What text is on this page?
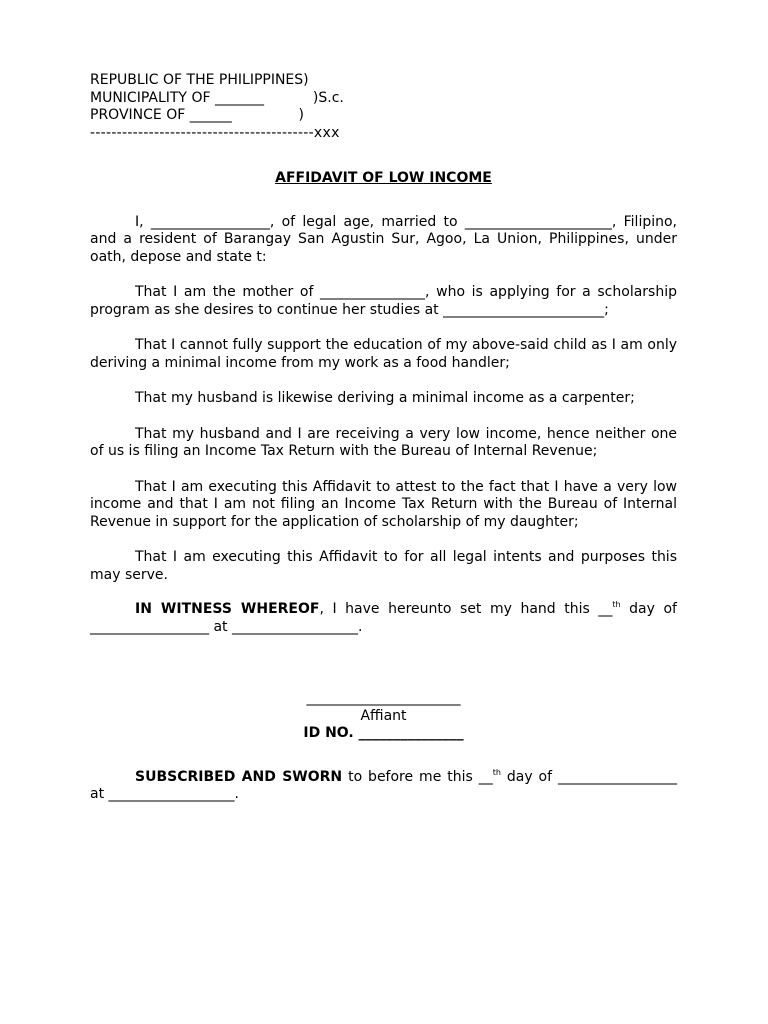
REPUBLIC OF THE PHILIPPINES)
MUNICIPALITY OF _______           )S.c.
PROVINCE OF ______               )
------------------------------------------xxx
AFFIDAVIT OF LOW INCOME

I, _________________, of legal age, married to _____________________, Filipino, and a resident of Barangay San Agustin Sur, Agoo, La Union, Philippines, under oath, depose and state t:

That I am the mother of _______________, who is applying for a scholarship program as she desires to continue her studies at _______________________;

That I cannot fully support the education of my above-said child as I am only deriving a minimal income from my work as a food handler;

That my husband is likewise deriving a minimal income as a carpenter;

That my husband and I are receiving a very low income, hence neither one of us is filing an Income Tax Return with the Bureau of Internal Revenue;

That I am executing this Affidavit to attest to the fact that I have a very low income and that I am not filing an Income Tax Return with the Bureau of Internal Revenue in support for the application of scholarship of my daughter;

That I am executing this Affidavit to for all legal intents and purposes this may serve.

IN WITNESS WHEREOF, I have hereunto set my hand this __$^{th}$ day of _________________ at __________________.

______________________
Affiant
ID NO. _______________

SUBSCRIBED AND SWORN to before me this __$^{th}$ day of _________________ at __________________.
